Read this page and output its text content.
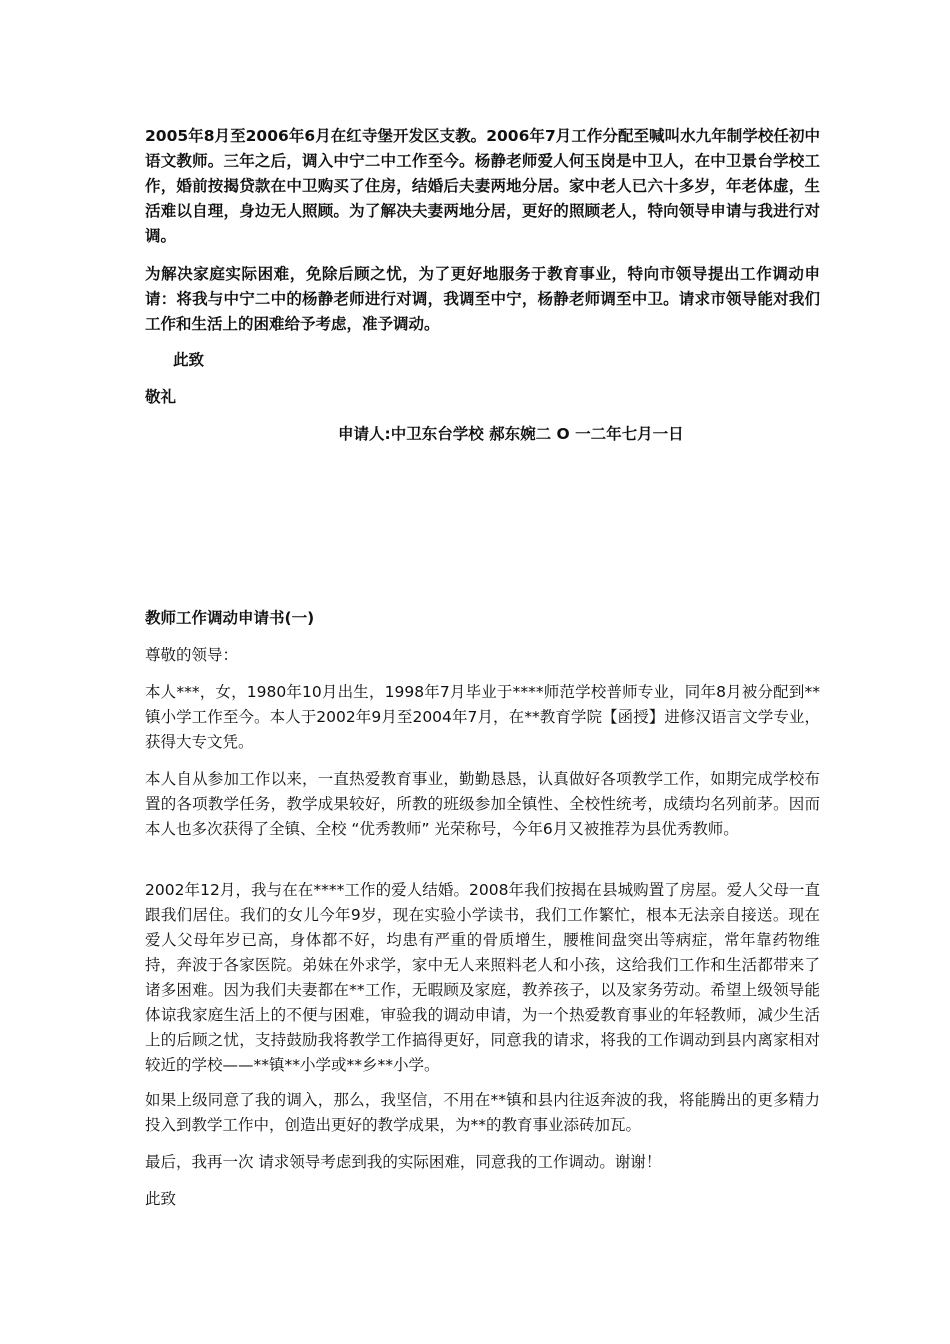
2005年8月至2006年6月在红寺堡开发区支教。2006年7月工作分配至喊叫水九年制学校任初中语文教师。三年之后，调入中宁二中工作至今。杨静老师爱人何玉岗是中卫人，在中卫景台学校工作，婚前按揭贷款在中卫购买了住房，结婚后夫妻两地分居。家中老人已六十多岁，年老体虚，生活难以自理，身边无人照顾。为了解决夫妻两地分居，更好的照顾老人，特向领导申请与我进行对调。

为解决家庭实际困难，免除后顾之忧，为了更好地服务于教育事业，特向市领导提出工作调动申请：将我与中宁二中的杨静老师进行对调，我调至中宁，杨静老师调至中卫。请求市领导能对我们工作和生活上的困难给予考虑，准予调动。

此致

敬礼

申请人:中卫东台学校 郝东婉二 O 一二年七月一日

教师工作调动申请书(一)

尊敬的领导：

本人***，女，1980年10月出生，1998年7月毕业于****师范学校普师专业，同年8月被分配到**镇小学工作至今。本人于2002年9月至2004年7月，在**教育学院【函授】进修汉语言文学专业，获得大专文凭。

本人自从参加工作以来，一直热爱教育事业，勤勤恳恳，认真做好各项教学工作，如期完成学校布置的各项教学任务，教学成果较好，所教的班级参加全镇性、全校性统考，成绩均名列前茅。因而本人也多次获得了全镇、全校 “优秀教师” 光荣称号，今年6月又被推荐为县优秀教师。

2002年12月，我与在在****工作的爱人结婚。2008年我们按揭在县城购置了房屋。爱人父母一直跟我们居住。我们的女儿今年9岁，现在实验小学读书，我们工作繁忙，根本无法亲自接送。现在爱人父母年岁已高，身体都不好，均患有严重的骨质增生，腰椎间盘突出等病症，常年靠药物维持，奔波于各家医院。弟妹在外求学，家中无人来照料老人和小孩，这给我们工作和生活都带来了诸多困难。因为我们夫妻都在**工作，无暇顾及家庭，教养孩子，以及家务劳动。希望上级领导能体谅我家庭生活上的不便与困难，审验我的调动申请，为一个热爱教育事业的年轻教师，减少生活上的后顾之忧，支持鼓励我将教学工作搞得更好，同意我的请求，将我的工作调动到县内离家相对较近的学校——**镇**小学或**乡**小学。

如果上级同意了我的调入，那么，我坚信，不用在**镇和县内往返奔波的我，将能腾出的更多精力投入到教学工作中，创造出更好的教学成果，为**的教育事业添砖加瓦。

最后，我再一次 请求领导考虑到我的实际困难，同意我的工作调动。谢谢！

此致
